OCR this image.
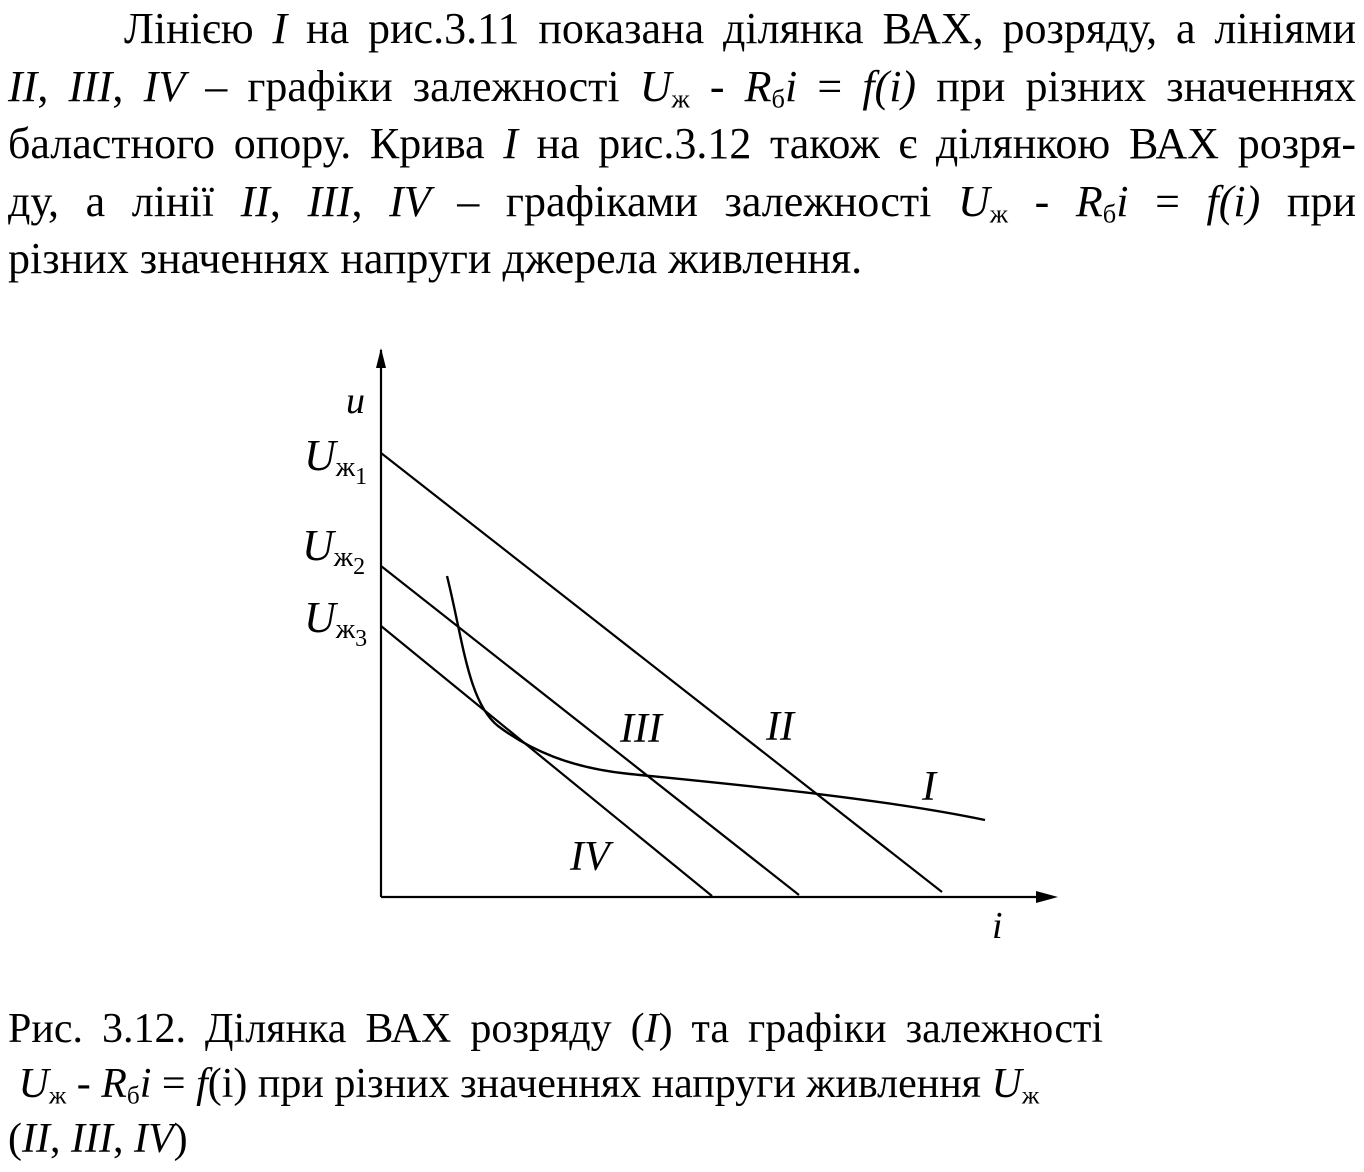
Лінією I на рис.3.11 показана ділянка ВАХ, розряду, а лініями
II, III, IV – графіки залежності $U_ж - R_бi = f(i)$ при різних значеннях
баластного опору. Крива I на рис.3.12 також є ділянкою ВАХ розря-
ду, а лінії II, III, IV – графіками залежності $U_ж - R_бi = f(i)$ при
різних значеннях напруги джерела живлення.
u
i
Uж1
Uж2
Uж3
III II
I
IV
Рис. 3.12. Ділянка ВАХ розряду (I) та графіки залежності
$U_ж - R_бi = f(i)$ при різних значеннях напруги живлення $U_ж$
(II, III, IV)
